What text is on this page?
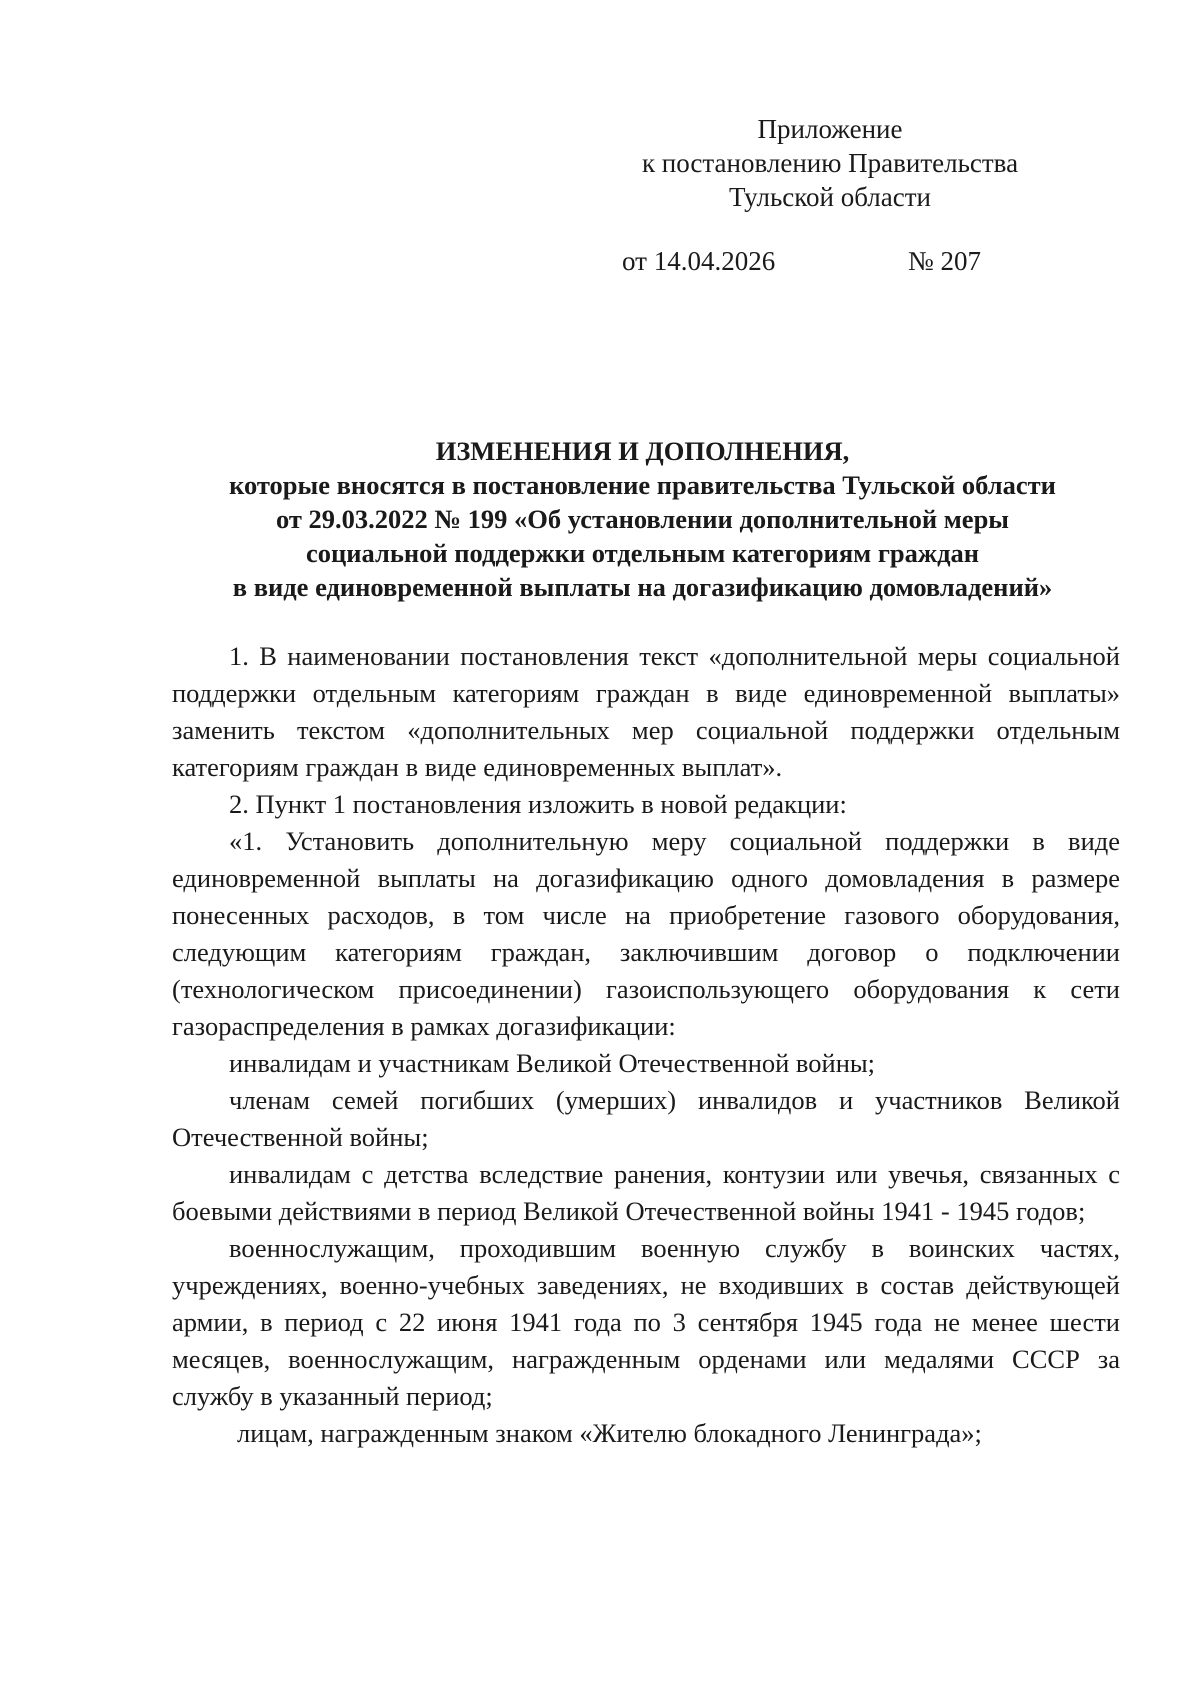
Приложение
к постановлению Правительства
Тульской области
от 14.04.2026	№ 207
ИЗМЕНЕНИЯ И ДОПОЛНЕНИЯ,
которые вносятся в постановление правительства Тульской области
от 29.03.2022 № 199 «Об установлении дополнительной меры
социальной поддержки отдельным категориям граждан
в виде единовременной выплаты на догазификацию домовладений»

1. В наименовании постановления текст «дополнительной меры социальной поддержки отдельным категориям граждан в виде единовременной выплаты» заменить текстом «дополнительных мер социальной поддержки отдельным категориям граждан в виде единовременных выплат».

2. Пункт 1 постановления изложить в новой редакции:

«1. Установить дополнительную меру социальной поддержки в виде единовременной выплаты на догазификацию одного домовладения в размере понесенных расходов, в том числе на приобретение газового оборудования, следующим категориям граждан, заключившим договор о подключении (технологическом присоединении) газоиспользующего оборудования к сети газораспределения в рамках догазификации:

инвалидам и участникам Великой Отечественной войны;

членам семей погибших (умерших) инвалидов и участников Великой Отечественной войны;

инвалидам с детства вследствие ранения, контузии или увечья, связанных с боевыми действиями в период Великой Отечественной войны 1941 - 1945 годов;

военнослужащим, проходившим военную службу в воинских частях, учреждениях, военно-учебных заведениях, не входивших в состав действующей армии, в период с 22 июня 1941 года по 3 сентября 1945 года не менее шести месяцев, военнослужащим, награжденным орденами или медалями СССР за службу в указанный период;

лицам, награжденным знаком «Жителю блокадного Ленинграда»;
